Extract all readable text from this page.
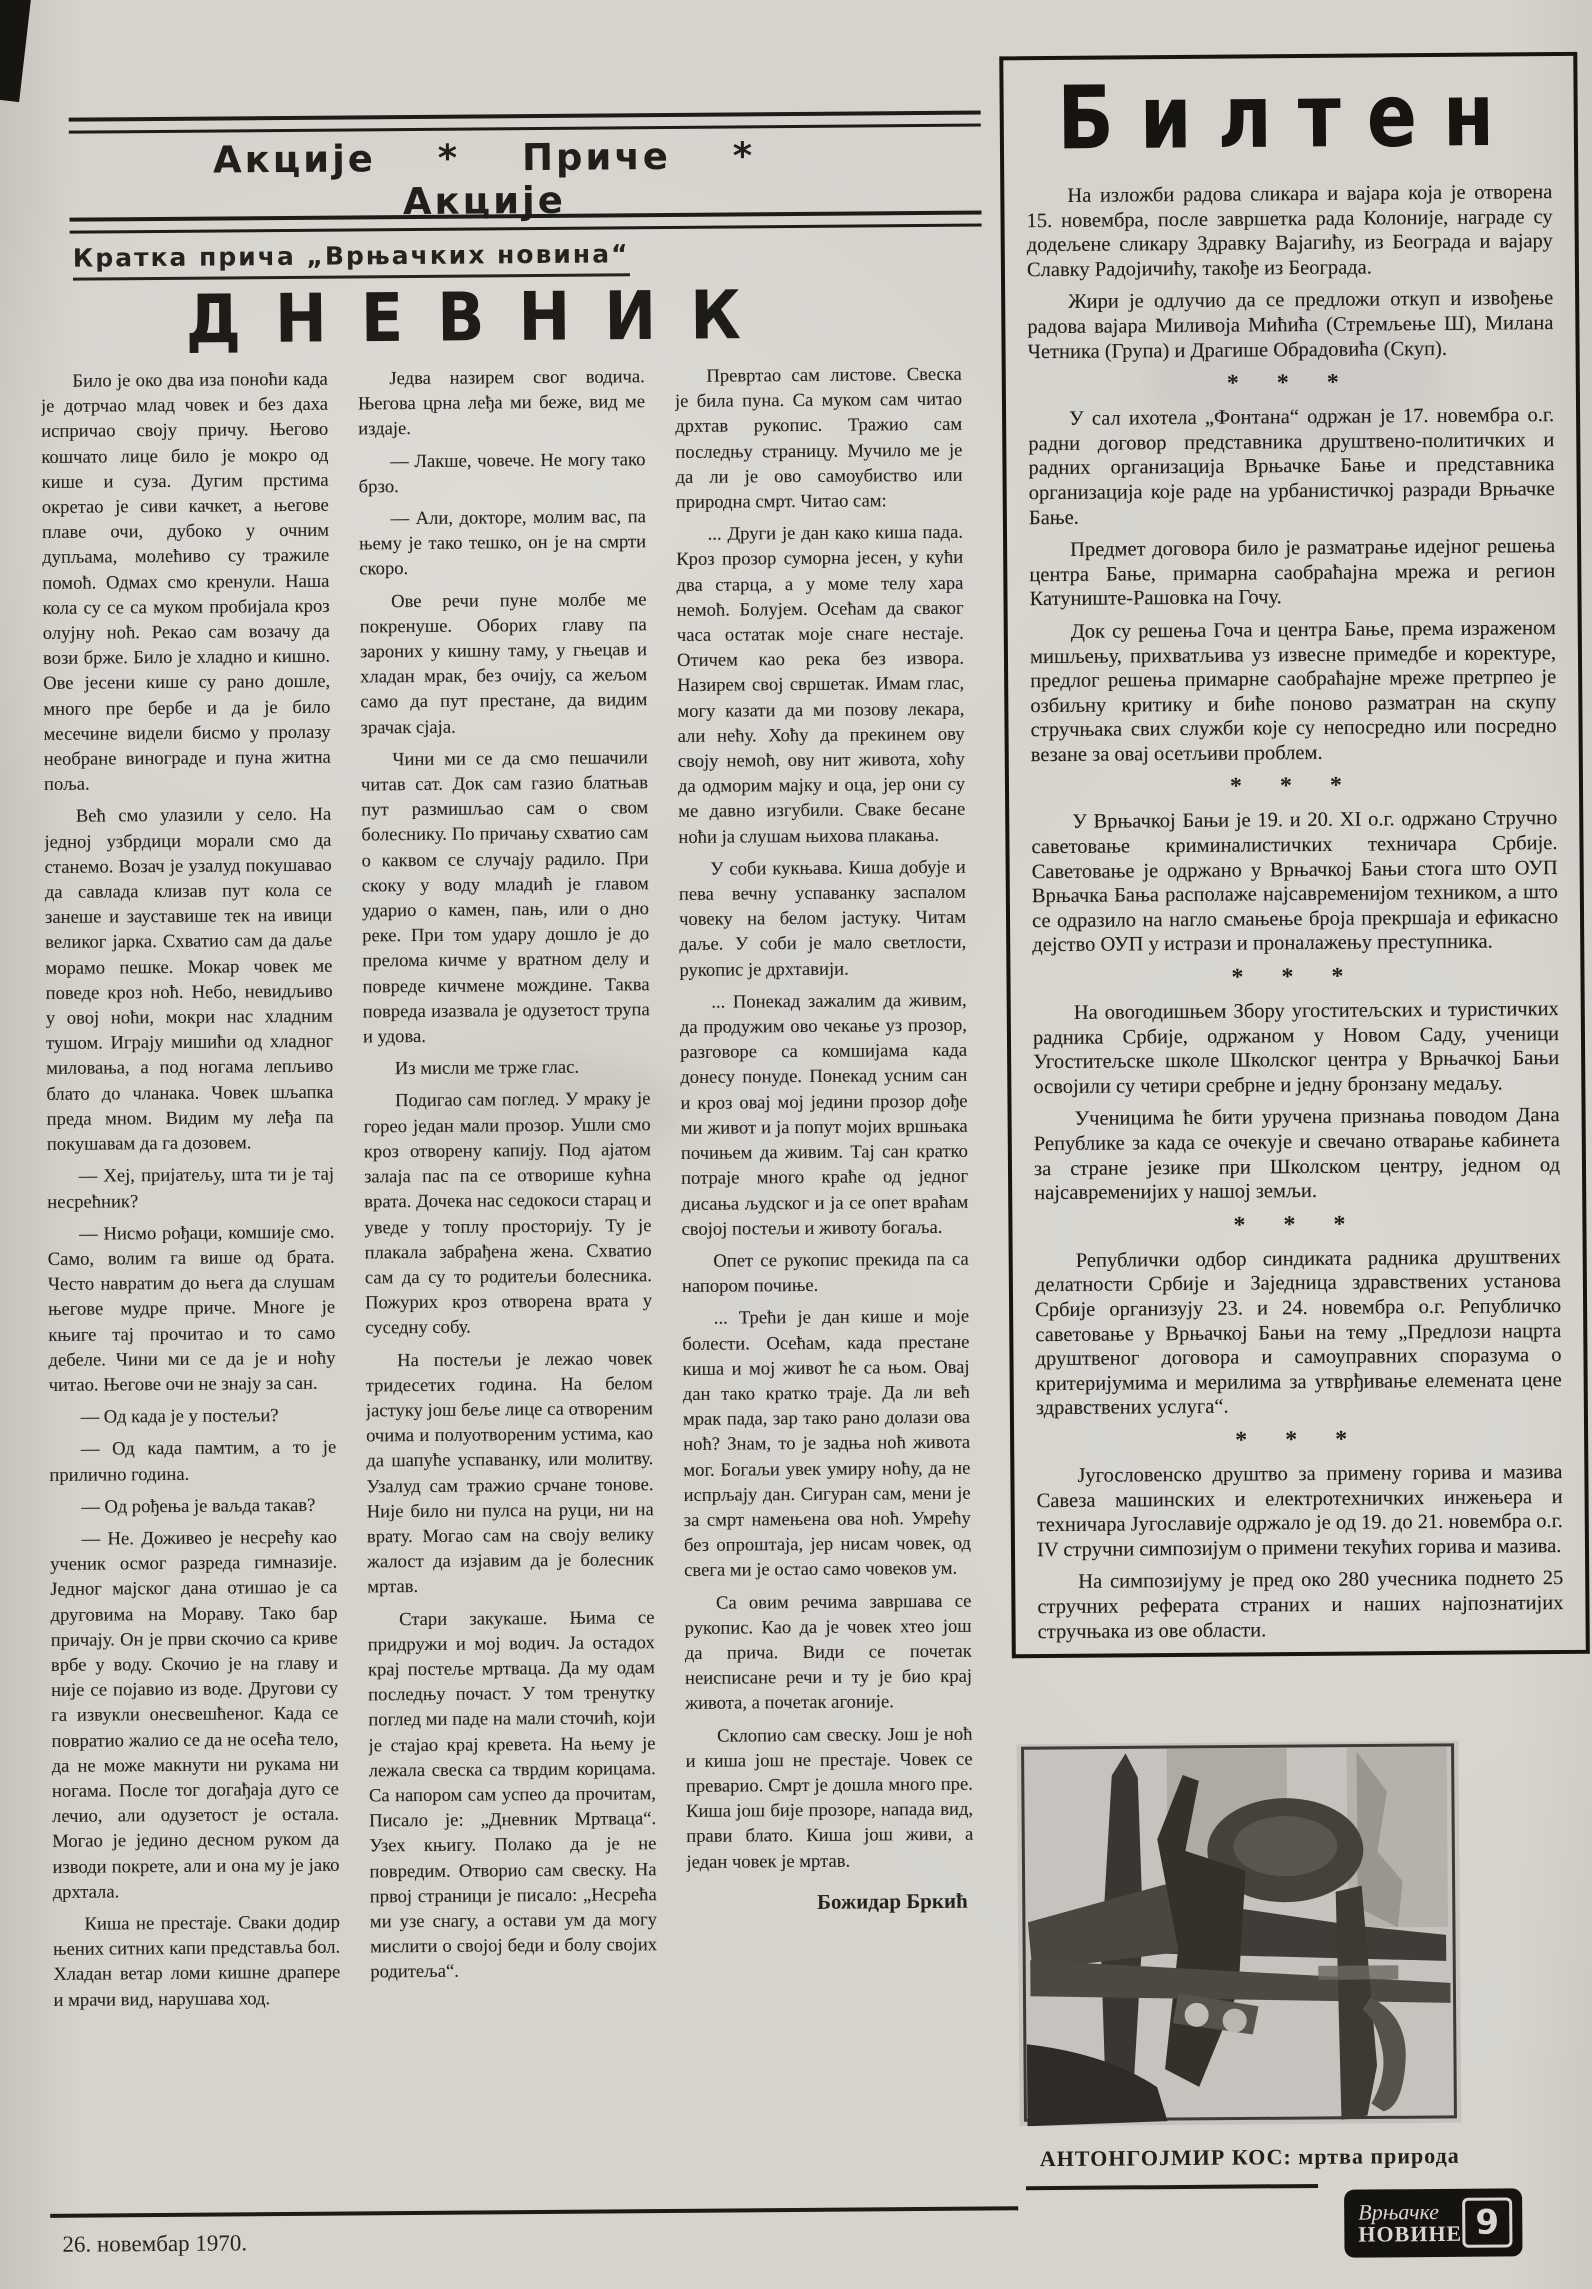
Акције * Приче * Акције
Кратка прича „Врњачких новина“
ДНЕВНИК

Било је око два иза поноћи када је дотрчао млад човек и без даха испричао своју причу. Његово кошчато лице било је мокро од кише и суза. Дугим прстима окретао је сиви качкет, а његове плаве очи, дубоко у очним дупљама, молећиво су тражиле помоћ. Одмах смо кренули. Наша кола су се са муком пробијала кроз олујну ноћ. Рекао сам возачу да вози брже. Било је хладно и кишно. Ове јесени кише су рано дошле, много пре бербе и да је било месечине видели бисмо у пролазу необране винограде и пуна житна поља.

Већ смо улазили у село. На једној узбрдици морали смо да станемо. Возач је узалуд покушавао да савлада клизав пут кола се занеше и зауставише тек на ивици великог јарка. Схватио сам да даље морамо пешке. Мокар човек ме поведе кроз ноћ. Небо, невидљиво у овој ноћи, мокри нас хладним тушом. Играју мишићи од хладног миловања, а под ногама лепљиво блато до чланака. Човек шљапка преда мном. Видим му леђа па покушавам да га дозовем.

— Хеј, пријатељу, шта ти је тај несрећник?

— Нисмо рођаци, комшије смо. Само, волим га више од брата. Често навратим до њега да слушам његове мудре приче. Многе је књиге тај прочитао и то само дебеле. Чини ми се да је и ноћу читао. Његове очи не знају за сан.

— Од када је у постељи?

— Од када памтим, а то је прилично година.

— Од рођења је ваљда такав?

— Не. Доживео је несрећу као ученик осмог разреда гимназије. Једног мајског дана отишао је са друговима на Мораву. Тако бар причају. Он је први скочио са криве врбе у воду. Скочио је на главу и није се појавио из воде. Другови су га извукли онесвешћеног. Када се повратио жалио се да не осећа тело, да не може макнути ни рукама ни ногама. После тог догађаја дуго се лечио, али одузетост је остала. Могао је једино десном руком да изводи покрете, али и она му је јако дрхтала.

Киша не престаје. Сваки додир њених ситних капи представља бол. Хладан ветар ломи кишне драпере и мрачи вид, нарушава ход.

Једва назирем свог водича. Његова црна леђа ми беже, вид ме издаје.

— Лакше, човече. Не могу тако брзо.

— Али, докторе, молим вас, па њему је тако тешко, он је на смрти скоро.

Ове речи пуне молбе ме покренуше. Оборих главу па зароних у кишну таму, у гњецав и хладан мрак, без очију, са жељом само да пут престане, да видим зрачак сјаја.

Чини ми се да смо пешачили читав сат. Док сам газио блатњав пут размишљао сам о свом болеснику. По причању схватио сам о каквом се случају радило. При скоку у воду младић је главом ударио о камен, пањ, или о дно реке. При том удару дошло је до прелома кичме у вратном делу и повреде кичмене мождине. Таква повреда изазвала је одузетост трупа и удова.

Из мисли ме трже глас.

Подигао сам поглед. У мраку је горео један мали прозор. Ушли смо кроз отворену капију. Под ајатом залаја пас па се отворише кућна врата. Дочека нас седокоси старац и уведе у топлу просторију. Ту је плакала забрађена жена. Схватио сам да су то родитељи болесника. Пожурих кроз отворена врата у суседну собу.

На постељи је лежао човек тридесетих година. На белом јастуку још беље лице са отвореним очима и полуотвореним устима, као да шапуће успаванку, или молитву. Узалуд сам тражио срчане тонове. Није било ни пулса на руци, ни на врату. Могао сам на своју велику жалост да изјавим да је болесник мртав.

Стари закукаше. Њима се придружи и мој водич. Ја остадох крај постеље мртваца. Да му одам последњу почаст. У том тренутку поглед ми паде на мали сточић, који је стајао крај кревета. На њему је лежала свеска са тврдим корицама. Са напором сам успео да прочитам, Писало је: „Дневник Мртваца“. Узех књигу. Полако да је не повредим. Отворио сам свеску. На првој страници је писало: „Несрећа ми узе снагу, а остави ум да могу мислити о својој беди и болу својих родитеља“.

Превртао сам листове. Свеска је била пуна. Са муком сам читао дрхтав рукопис. Тражио сам последњу страницу. Мучило ме је да ли је ово самоубиство или природна смрт. Читао сам:

... Други је дан како киша пада. Кроз прозор суморна јесен, у кући два старца, а у моме телу хара немоћ. Болујем. Осећам да сваког часа остатак моје снаге нестаје. Отичем као река без извора. Назирем свој свршетак. Имам глас, могу казати да ми позову лекара, али нећу. Хоћу да прекинем ову своју немоћ, ову нит живота, хоћу да одморим мајку и оца, јер они су ме давно изгубили. Сваке бесане ноћи ја слушам њихова плакања.

У соби кукњава. Киша добује и пева вечну успаванку заспалом човеку на белом јастуку. Читам даље. У соби је мало светлости, рукопис је дрхтавији.

... Понекад зажалим да живим, да продужим ово чекање уз прозор, разговоре са комшијама када донесу понуде. Понекад усним сан и кроз овај мој једини прозор дође ми живот и ја попут мојих вршњака почињем да живим. Тај сан кратко потраје много краће од једног дисања људског и ја се опет враћам својој постељи и животу богаља.

Опет се рукопис прекида па са напором почиње.

... Трећи је дан кише и моје болести. Осећам, када престане киша и мој живот ће са њом. Овај дан тако кратко траје. Да ли већ мрак пада, зар тако рано долази ова ноћ? Знам, то је задња ноћ живота мог. Богаљи увек умиру ноћу, да не испрљају дан. Сигуран сам, мени је за смрт намењена ова ноћ. Умрећу без опроштаја, јер нисам човек, од свега ми је остао само човеков ум.

Са овим речима завршава се рукопис. Као да је човек хтео још да прича. Види се почетак неисписане речи и ту је био крај живота, а почетак агоније.

Склопио сам свеску. Још је ноћ и киша још не престаје. Човек се преварио. Смрт је дошла много пре. Киша још бије прозоре, напада вид, прави блато. Киша још живи, а један човек је мртав.

Божидар Бркић

26. новембар 1970.
Билтен

На изложби радова сликара и вајара која је отворена 15. новембра, после завршетка рада Колоније, награде су додељене сликару Здравку Вајагићу, из Београда и вајару Славку Радојичићу, такође из Београда.

Жири је одлучио да се предложи откуп и извођење радова вајара Миливоја Мићића (Стремљење Ш), Милана Четника (Група) и Драгише Обрадовића (Скуп).

* * *

У сал ихотела „Фонтана“ одржан је 17. новембра о.г. радни договор представника друштвено-политичких и радних организација Врњачке Бање и представника организација које раде на урбанистичкој разради Врњачке Бање.

Предмет договора било је разматрање идејног решења центра Бање, примарна саобраћајна мрежа и регион Катуниште-Рашовка на Гочу.

Док су решења Гоча и центра Бање, према израженом мишљењу, прихватљива уз извесне примедбе и коректуре, предлог решења примарне саобраћајне мреже претрпео је озбиљну критику и биће поново разматран на скупу стручњака свих служби које су непосредно или посредно везане за овај осетљиви проблем.

* * *

У Врњачкој Бањи је 19. и 20. XI о.г. одржано Стручно саветовање криминалистичких техничара Србије. Саветовање је одржано у Врњачкој Бањи стога што ОУП Врњачка Бања располаже најсавременијом техником, а што се одразило на нагло смањење броја прекршаја и ефикасно дејство ОУП у истрази и проналажењу преступника.

* * *

На овогодишњем Збору угоститељских и туристичких радника Србије, одржаном у Новом Саду, ученици Угоститељске школе Школског центра у Врњачкој Бањи освојили су четири сребрне и једну бронзану медаљу.

Ученицима ће бити уручена признања поводом Дана Републике за када се очекује и свечано отварање кабинета за стране језике при Школском центру, једном од најсавременијих у нашој земљи.

* * *

Републички одбор синдиката радника друштвених делатности Србије и Заједница здравствених установа Србије организују 23. и 24. новембра о.г. Републичко саветовање у Врњачкој Бањи на тему „Предлози нацрта друштвеног договора и самоуправних споразума о критеријумима и мерилима за утврђивање елемената цене здравствених услуга“.

* * *

Југословенско друштво за примену горива и мазива Савеза машинских и електротехничких инжењера и техничара Југославије одржало је од 19. до 21. новембра о.г. IV стручни симпозијум о примени текућих горива и мазива.

На симпозијуму је пред око 280 учесника поднето 25 стручних реферата страних и наших најпознатијих стручњака из ове области.

АНТОНГОЈМИР КОС: мртва природа
Врњачке
НОВИНЕ 9
